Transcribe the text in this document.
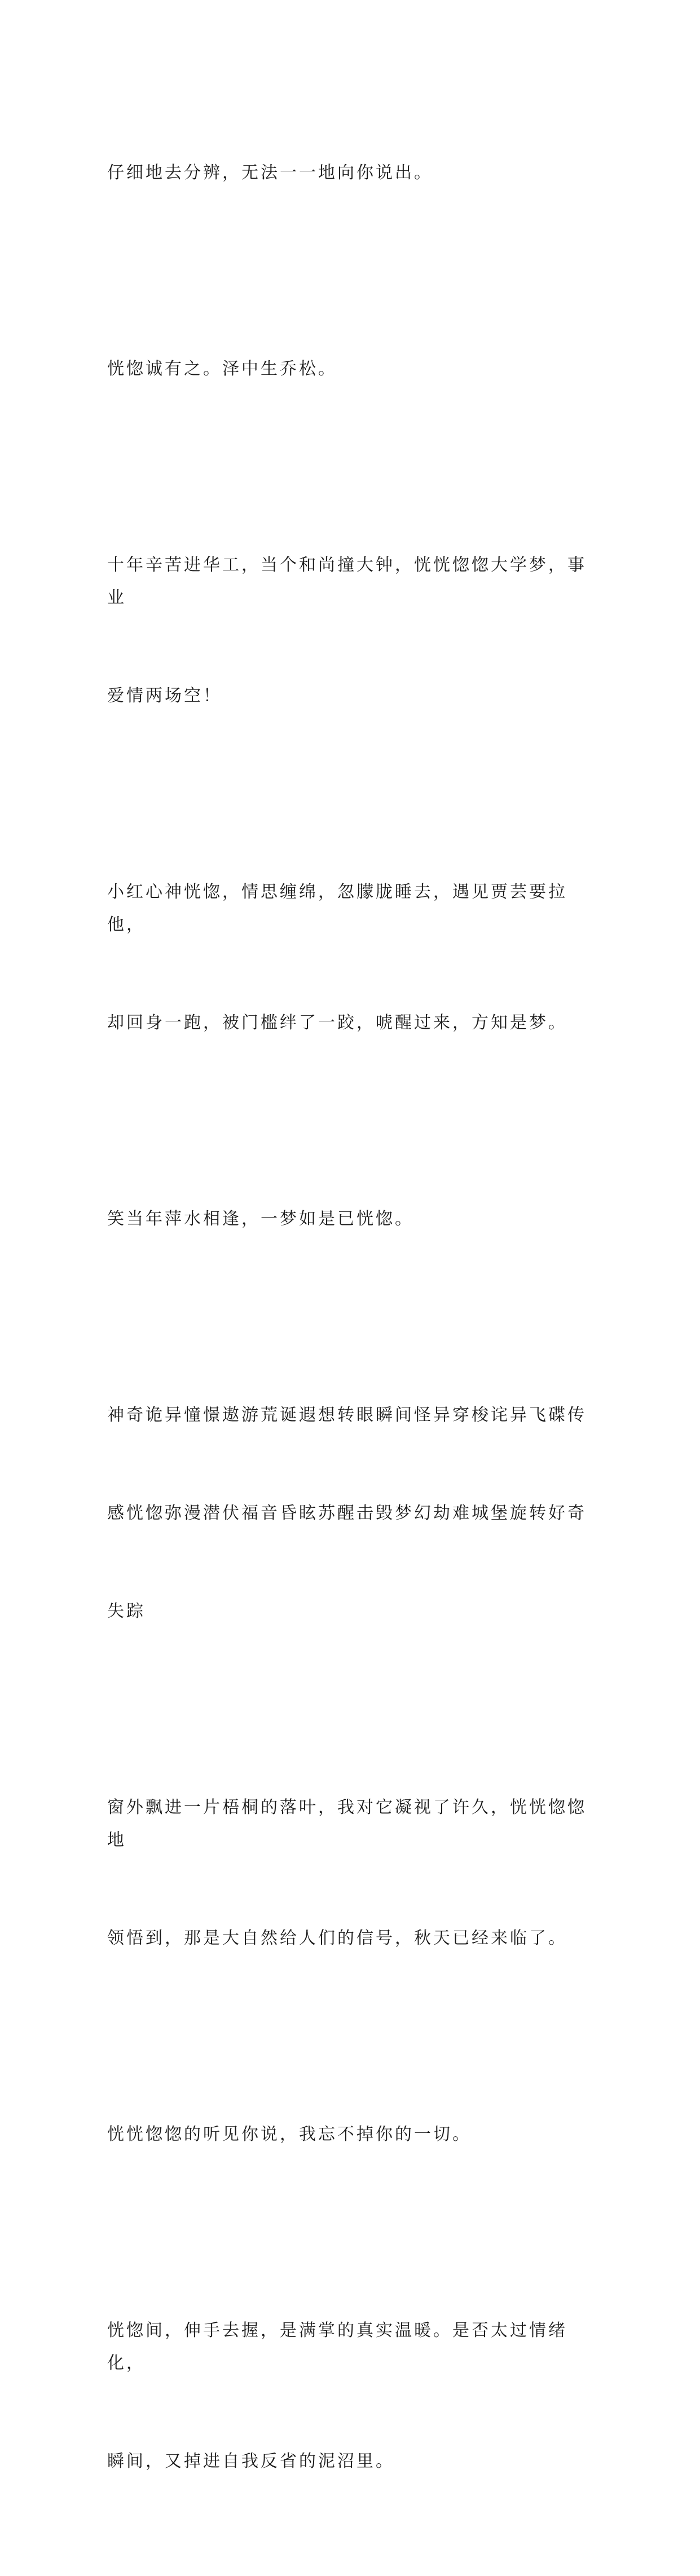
仔细地去分辨，无法一一地向你说出。

恍惚诚有之。泽中生乔松。

十年辛苦进华工，当个和尚撞大钟，恍恍惚惚大学梦，事业

爱情两场空！

小红心神恍惚，情思缠绵，忽朦胧睡去，遇见贾芸要拉他，

却回身一跑，被门槛绊了一跤，唬醒过来，方知是梦。

笑当年萍水相逢，一梦如是已恍惚。

神奇诡异憧憬遨游荒诞遐想转眼瞬间怪异穿梭诧异飞碟传

感恍惚弥漫潜伏福音昏眩苏醒击毁梦幻劫难城堡旋转好奇

失踪

窗外飘进一片梧桐的落叶，我对它凝视了许久，恍恍惚惚地

领悟到，那是大自然给人们的信号，秋天已经来临了。

恍恍惚惚的听见你说，我忘不掉你的一切。

恍惚间，伸手去握，是满掌的真实温暖。是否太过情绪化，

瞬间，又掉进自我反省的泥沼里。
